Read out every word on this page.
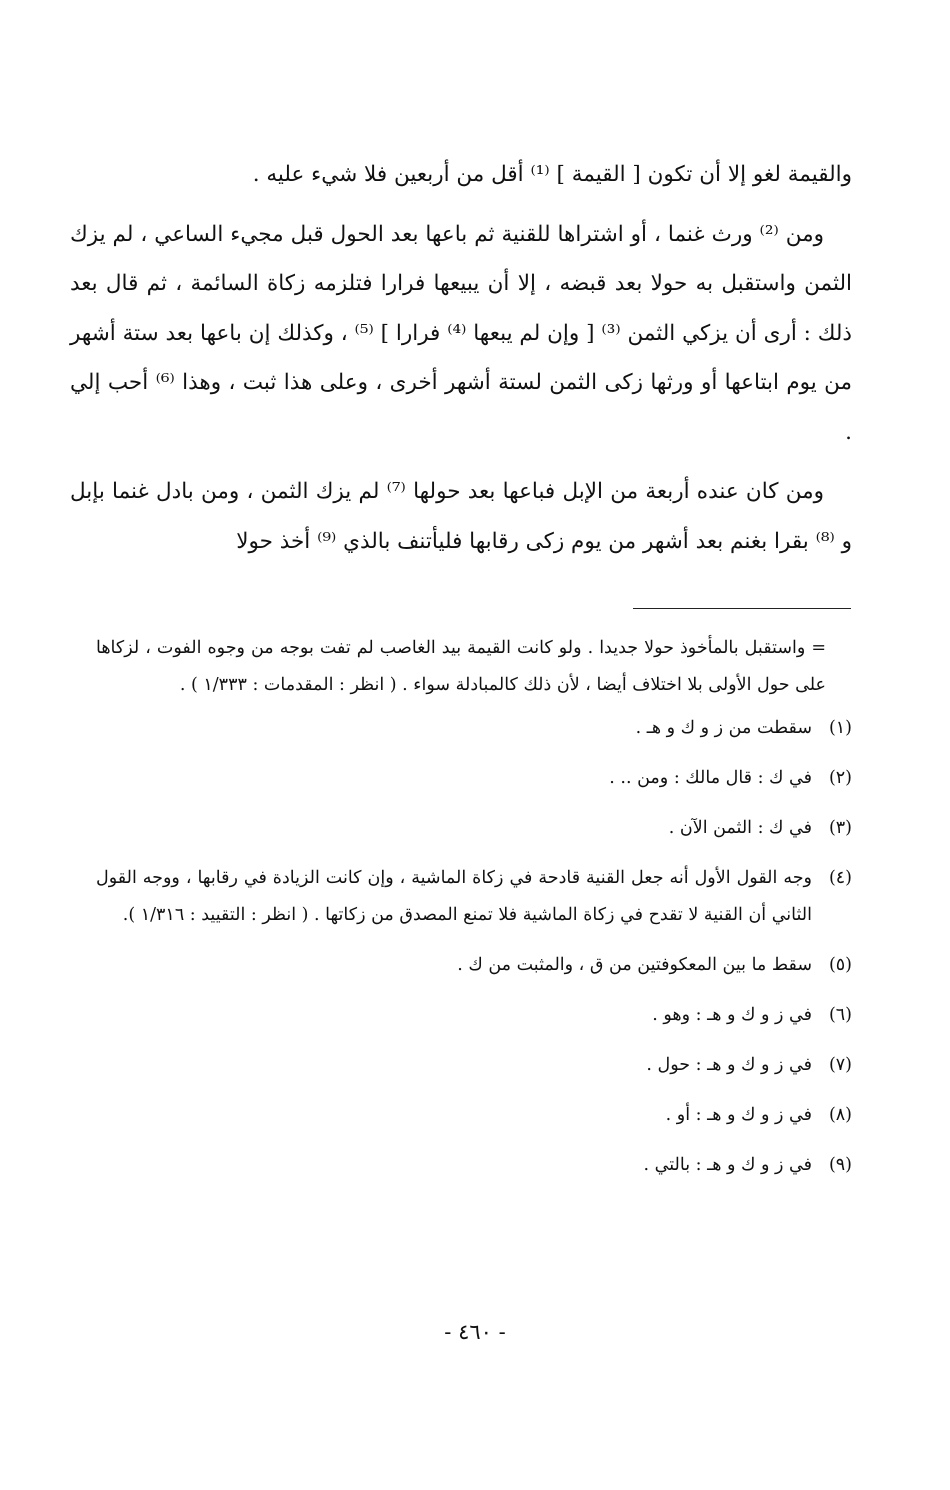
والقيمة لغو إلا أن تكون [ القيمة ] ⁽¹⁾ أقل من أربعين فلا شيء عليه .

ومن ⁽²⁾ ورث غنما ، أو اشتراها للقنية ثم باعها بعد الحول قبل مجيء الساعي ، لم يزك الثمن واستقبل به حولا بعد قبضه ، إلا أن يبيعها فرارا فتلزمه زكاة السائمة ، ثم قال بعد ذلك : أرى أن يزكي الثمن ⁽³⁾ [ وإن لم يبعها ⁽⁴⁾ فرارا ] ⁽⁵⁾ ، وكذلك إن باعها بعد ستة أشهر من يوم ابتاعها أو ورثها زكى الثمن لستة أشهر أخرى ، وعلى هذا ثبت ، وهذا ⁽⁶⁾ أحب إلي .

ومن كان عنده أربعة من الإبل فباعها بعد حولها ⁽⁷⁾ لم يزك الثمن ، ومن بادل غنما بإبل و ⁽⁸⁾ بقرا بغنم بعد أشهر من يوم زكى رقابها فليأتنف بالذي ⁽⁹⁾ أخذ حولا

= واستقبل بالمأخوذ حولا جديدا . ولو كانت القيمة بيد الغاصب لم تفت بوجه من وجوه الفوت ، لزكاها على حول الأولى بلا اختلاف أيضا ، لأن ذلك كالمبادلة سواء . ( انظر : المقدمات : ١/٣٣٣ ) .
(١)
سقطت من ز و ك و هـ .
(٢)
في ك : قال مالك : ومن .. .
(٣)
في ك : الثمن الآن .
(٤)
وجه القول الأول أنه جعل القنية قادحة في زكاة الماشية ، وإن كانت الزيادة في رقابها ، ووجه القول الثاني أن القنية لا تقدح في زكاة الماشية فلا تمنع المصدق من زكاتها . ( انظر : التقييد : ١/٣١٦ ).
(٥)
سقط ما بين المعكوفتين من ق ، والمثبت من ك .
(٦)
في ز و ك و هـ : وهو .
(٧)
في ز و ك و هـ : حول .
(٨)
في ز و ك و هـ : أو .
(٩)
في ز و ك و هـ : بالتي .
- ٤٦٠ -
